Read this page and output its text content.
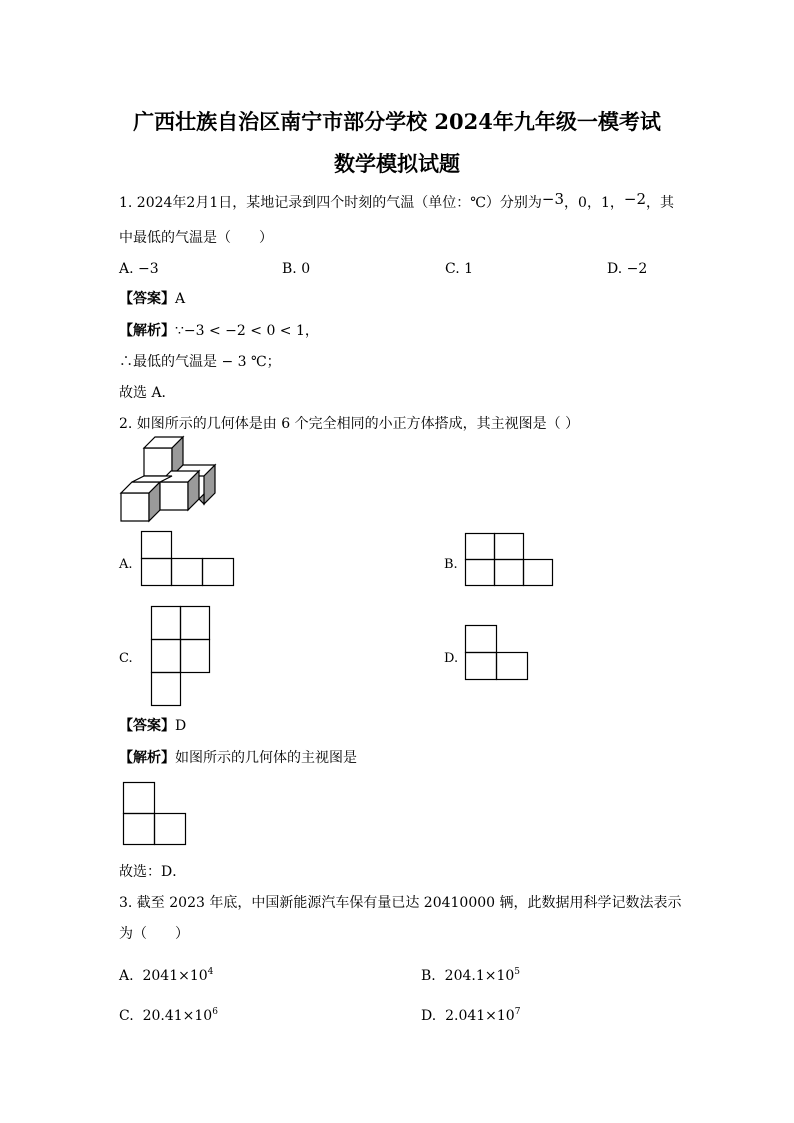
广西壮族自治区南宁市部分学校 2024年九年级一模考试
数学模拟试题
1. 2024年2月1日，某地记录到四个时刻的气温（单位：℃）分别为−3，0，1，−2，其
中最低的气温是（　　）
A. −3	B. 0	C. 1	D. −2
【答案】A
【解析】∵−3 < −2 < 0 < 1，
∴最低的气温是 − 3 ℃；
故选 A．
2. 如图所示的几何体是由 6 个完全相同的小正方体搭成，其主视图是（ ）
A.	B.
C.	D.
【答案】D
【解析】如图所示的几何体的主视图是
故选：D．
3. 截至 2023 年底，中国新能源汽车保有量已达 20410000 辆，此数据用科学记数法表示
为（　　）
A. $2041\times 10^4$	B. $204.1\times 10^5$
C. $20.41\times 10^6$	D. $2.041\times 10^7$
